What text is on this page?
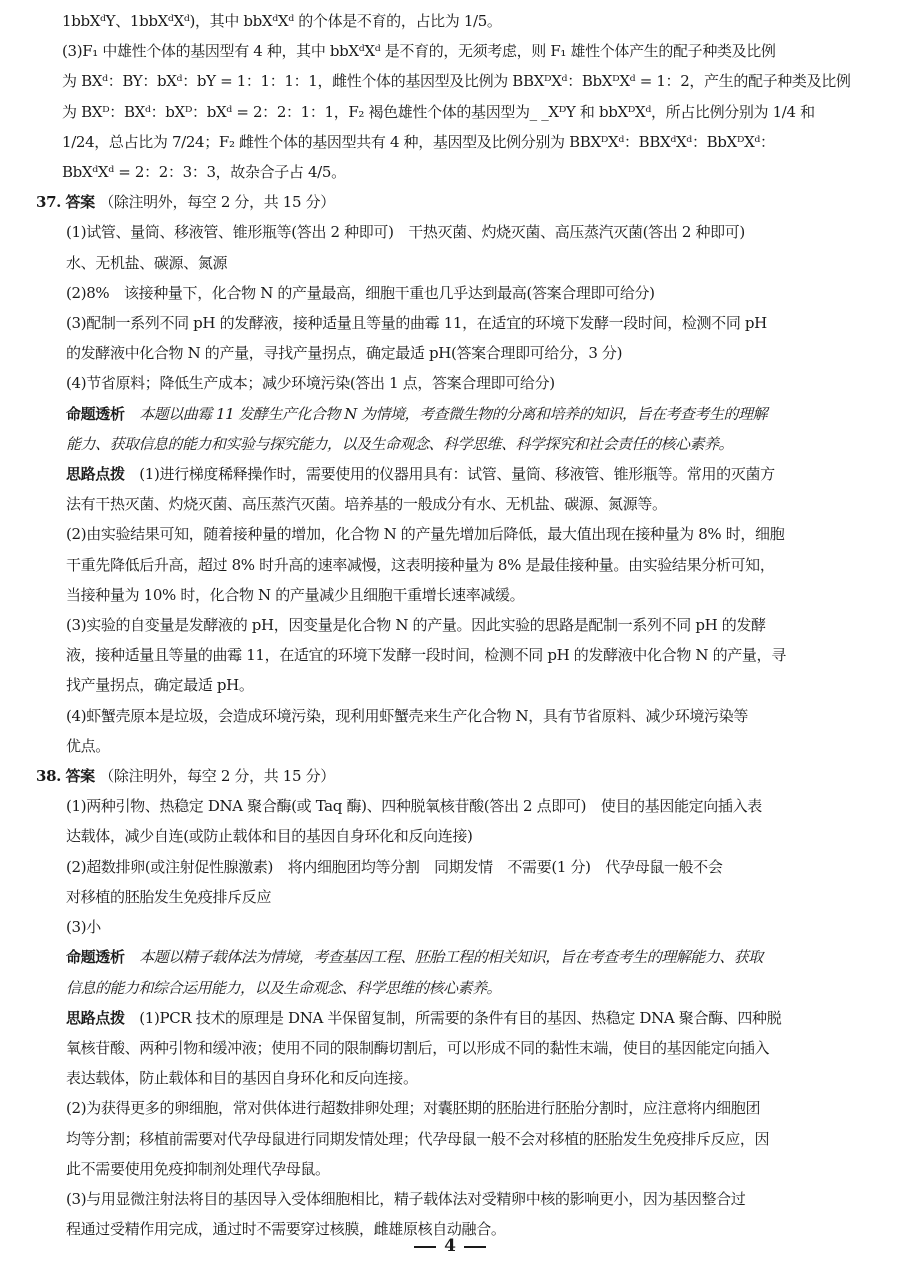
1bbXᵈY、1bbXᵈXᵈ)，其中 bbXᵈXᵈ 的个体是不育的，占比为 1/5。

(3)F₁ 中雄性个体的基因型有 4 种，其中 bbXᵈXᵈ 是不育的，无须考虑，则 F₁ 雄性个体产生的配子种类及比例

为 BXᵈ：BY：bXᵈ：bY = 1：1：1：1，雌性个体的基因型及比例为 BBXᴰXᵈ：BbXᴰXᵈ = 1：2，产生的配子种类及比例

为 BXᴰ：BXᵈ：bXᴰ：bXᵈ = 2：2：1：1，F₂ 褐色雄性个体的基因型为_ _XᴰY 和 bbXᴰXᵈ，所占比例分别为 1/4 和

1/24，总占比为 7/24；F₂ 雌性个体的基因型共有 4 种，基因型及比例分别为 BBXᴰXᵈ：BBXᵈXᵈ：BbXᴰXᵈ：

BbXᵈXᵈ = 2：2：3：3，故杂合子占 4/5。

37. 答案 （除注明外，每空 2 分，共 15 分）

(1)试管、量筒、移液管、锥形瓶等(答出 2 种即可)　干热灭菌、灼烧灭菌、高压蒸汽灭菌(答出 2 种即可)

水、无机盐、碳源、氮源

(2)8%　该接种量下，化合物 N 的产量最高，细胞干重也几乎达到最高(答案合理即可给分)

(3)配制一系列不同 pH 的发酵液，接种适量且等量的曲霉 11，在适宜的环境下发酵一段时间，检测不同 pH

的发酵液中化合物 N 的产量，寻找产量拐点，确定最适 pH(答案合理即可给分，3 分)

(4)节省原料；降低生产成本；减少环境污染(答出 1 点，答案合理即可给分)

命题透析　 本题以曲霉 11 发酵生产化合物 N 为情境，考查微生物的分离和培养的知识，旨在考查考生的理解

能力、获取信息的能力和实验与探究能力，以及生命观念、科学思维、科学探究和社会责任的核心素养。

思路点拨　 (1)进行梯度稀释操作时，需要使用的仪器用具有：试管、量筒、移液管、锥形瓶等。常用的灭菌方

法有干热灭菌、灼烧灭菌、高压蒸汽灭菌。培养基的一般成分有水、无机盐、碳源、氮源等。

(2)由实验结果可知，随着接种量的增加，化合物 N 的产量先增加后降低，最大值出现在接种量为 8% 时，细胞

干重先降低后升高，超过 8% 时升高的速率减慢，这表明接种量为 8% 是最佳接种量。由实验结果分析可知，

当接种量为 10% 时，化合物 N 的产量减少且细胞干重增长速率减缓。

(3)实验的自变量是发酵液的 pH，因变量是化合物 N 的产量。因此实验的思路是配制一系列不同 pH 的发酵

液，接种适量且等量的曲霉 11，在适宜的环境下发酵一段时间，检测不同 pH 的发酵液中化合物 N 的产量，寻

找产量拐点，确定最适 pH。

(4)虾蟹壳原本是垃圾，会造成环境污染，现利用虾蟹壳来生产化合物 N，具有节省原料、减少环境污染等

优点。

38. 答案 （除注明外，每空 2 分，共 15 分）

(1)两种引物、热稳定 DNA 聚合酶(或 Taq 酶)、四种脱氧核苷酸(答出 2 点即可)　使目的基因能定向插入表

达载体，减少自连(或防止载体和目的基因自身环化和反向连接)

(2)超数排卵(或注射促性腺激素)　将内细胞团均等分割　同期发情　不需要(1 分)　代孕母鼠一般不会

对移植的胚胎发生免疫排斥反应

(3)小

命题透析　 本题以精子载体法为情境，考查基因工程、胚胎工程的相关知识，旨在考查考生的理解能力、获取

信息的能力和综合运用能力，以及生命观念、科学思维的核心素养。

思路点拨　 (1)PCR 技术的原理是 DNA 半保留复制，所需要的条件有目的基因、热稳定 DNA 聚合酶、四种脱

氧核苷酸、两种引物和缓冲液；使用不同的限制酶切割后，可以形成不同的黏性末端，使目的基因能定向插入

表达载体，防止载体和目的基因自身环化和反向连接。

(2)为获得更多的卵细胞，常对供体进行超数排卵处理；对囊胚期的胚胎进行胚胎分割时，应注意将内细胞团

均等分割；移植前需要对代孕母鼠进行同期发情处理；代孕母鼠一般不会对移植的胚胎发生免疫排斥反应，因

此不需要使用免疫抑制剂处理代孕母鼠。

(3)与用显微注射法将目的基因导入受体细胞相比，精子载体法对受精卵中核的影响更小，因为基因整合过

程通过受精作用完成，通过时不需要穿过核膜，雌雄原核自动融合。

4
